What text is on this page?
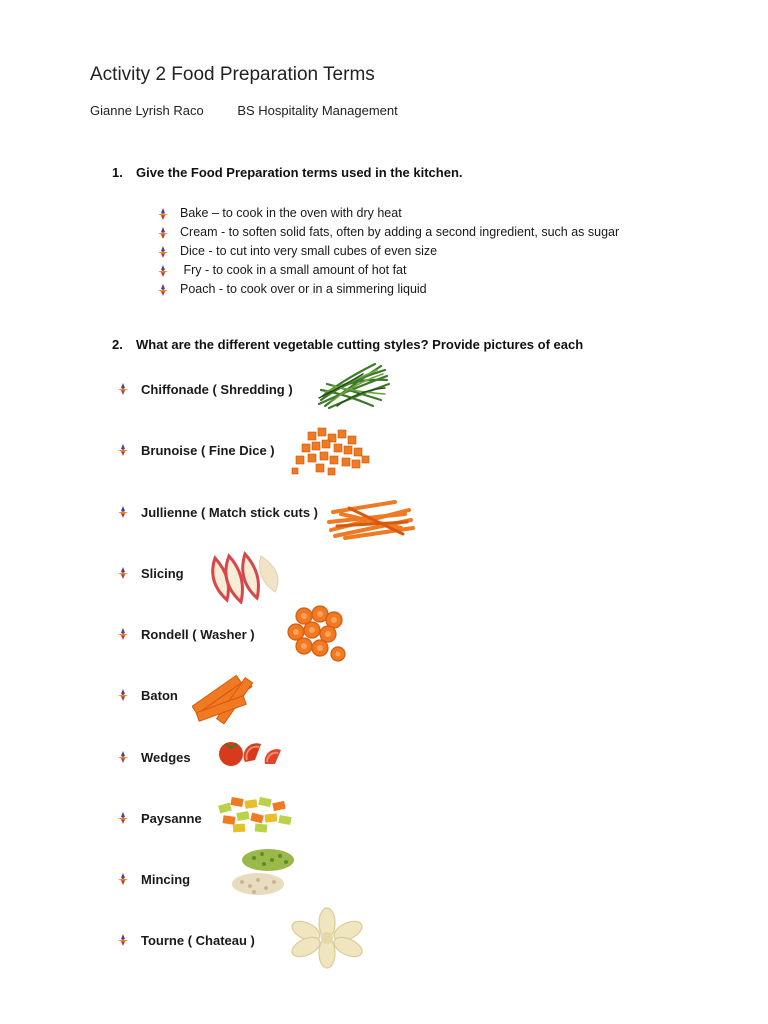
Activity 2 Food Preparation Terms
Gianne Lyrish Raco	BS Hospitality Management
1. Give the Food Preparation terms used in the kitchen.
Bake – to cook in the oven with dry heat
Cream - to soften solid fats, often by adding a second ingredient, such as sugar
Dice - to cut into very small cubes of even size
Fry - to cook in a small amount of hot fat
Poach - to cook over or in a simmering liquid
2. What are the different vegetable cutting styles? Provide pictures of each
Chiffonade ( Shredding )
Brunoise ( Fine Dice )
Jullienne ( Match stick cuts )
Slicing
Rondell ( Washer )
Baton
Wedges
Paysanne
Mincing
Tourne ( Chateau )
